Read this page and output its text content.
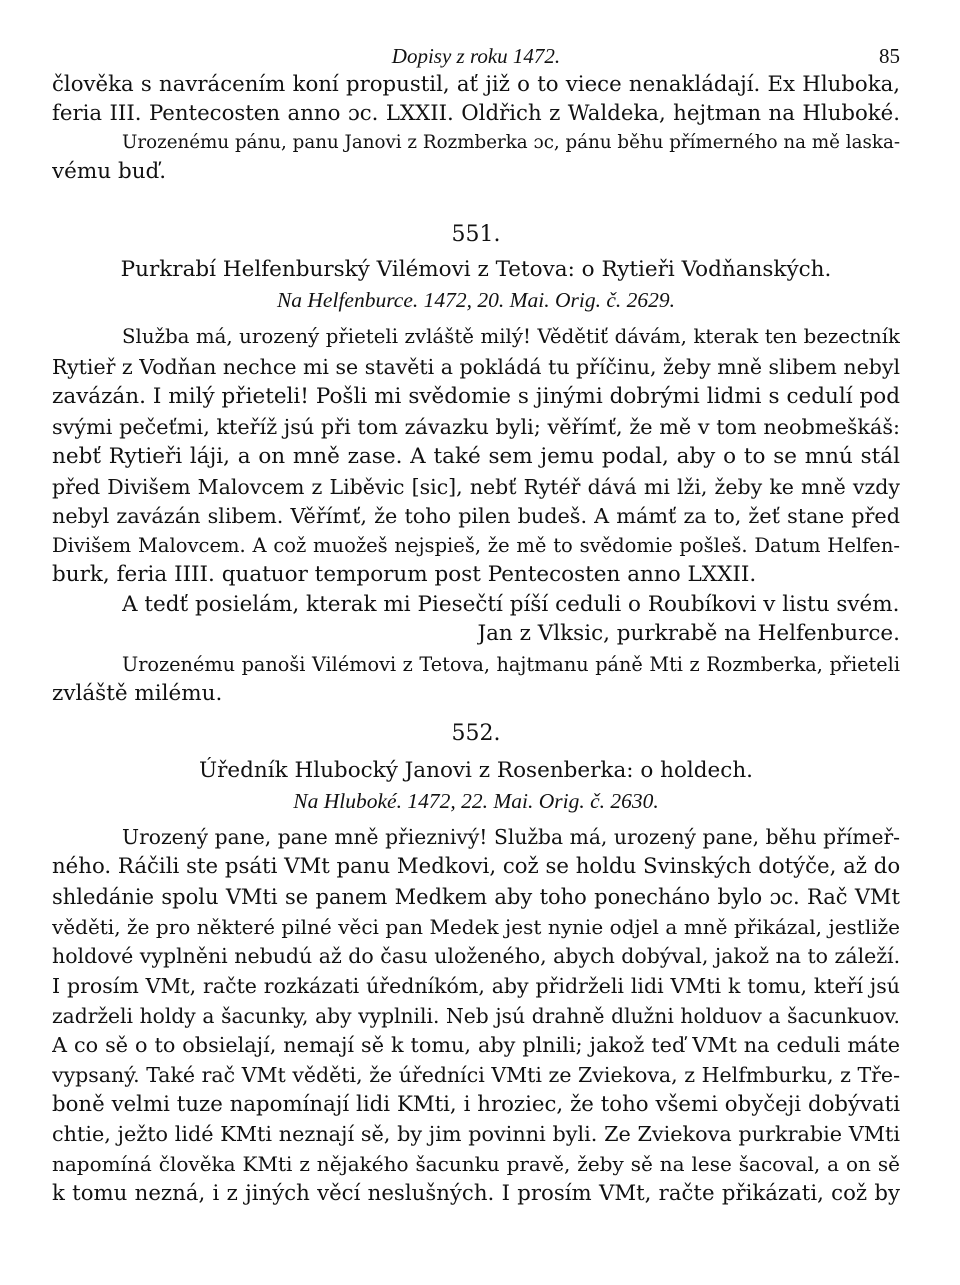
Dopisy z roku 1472.	85
člověka s navrácením koní propustil, ať již o to viece nenakládají. Ex Hluboka,
feria III. Pentecosten anno ɔc. LXXII. Oldřich z Waldeka, hejtman na Hluboké.
Urozenému pánu, panu Janovi z Rozmberka ɔc, pánu běhu přímerného na mě laska-
vému buď.
551.
Purkrabí Helfenburský Vilémovi z Tetova: o Rytieři Vodňanských.
Na Helfenburce. 1472, 20. Mai. Orig. č. 2629.
Služba má, urozený přieteli zvláště milý! Vědětiť dávám, kterak ten bezectník
Rytieř z Vodňan nechce mi se stavěti a pokládá tu příčinu, žeby mně slibem nebyl
zavázán. I milý přieteli! Pošli mi svědomie s jinými dobrými lidmi s cedulí pod
svými pečeťmi, kteříž jsú při tom závazku byli; věřímť, že mě v tom neobmeškáš:
nebť Rytieři láji, a on mně zase. A také sem jemu podal, aby o to se mnú stál
před Divišem Malovcem z Liběvic [sic], nebť Rytéř dává mi lži, žeby ke mně vzdy
nebyl zavázán slibem. Věřímť, že toho pilen budeš. A mámť za to, žeť stane před
Divišem Malovcem. A což muožeš nejspieš, že mě to svědomie pošleš. Datum Helfen-
burk, feria IIII. quatuor temporum post Pentecosten anno LXXII.
A tedť posielám, kterak mi Piesečtí píší ceduli o Roubíkovi v listu svém.
Jan z Vlksic, purkrabě na Helfenburce.
Urozenému panoši Vilémovi z Tetova, hajtmanu páně Mti z Rozmberka, přieteli
zvláště milému.
552.
Úředník Hlubocký Janovi z Rosenberka: o holdech.
Na Hluboké. 1472, 22. Mai. Orig. č. 2630.
Urozený pane, pane mně přieznivý! Služba má, urozený pane, běhu přímeř-
ného. Ráčili ste psáti VMt panu Medkovi, což se holdu Svinských dotýče, až do
shledánie spolu VMti se panem Medkem aby toho ponecháno bylo ɔc. Rač VMt
věděti, že pro některé pilné věci pan Medek jest nynie odjel a mně přikázal, jestliže
holdové vyplněni nebudú až do času uloženého, abych dobýval, jakož na to záleží.
I prosím VMt, račte rozkázati úředníkóm, aby přidrželi lidi VMti k tomu, kteří jsú
zadrželi holdy a šacunky, aby vyplnili. Neb jsú drahně dlužni holduov a šacunkuov.
A co sě o to obsielají, nemají sě k tomu, aby plnili; jakož teď VMt na ceduli máte
vypsaný. Také rač VMt věděti, že úředníci VMti ze Zviekova, z Helfmburku, z Tře-
boně velmi tuze napomínají lidi KMti, i hroziec, že toho všemi obyčeji dobývati
chtie, ježto lidé KMti neznají sě, by jim povinni byli. Ze Zviekova purkrabie VMti
napomíná člověka KMti z nějakého šacunku pravě, žeby sě na lese šacoval, a on sě
k tomu nezná, i z jiných věcí neslušných. I prosím VMt, račte přikázati, což by
